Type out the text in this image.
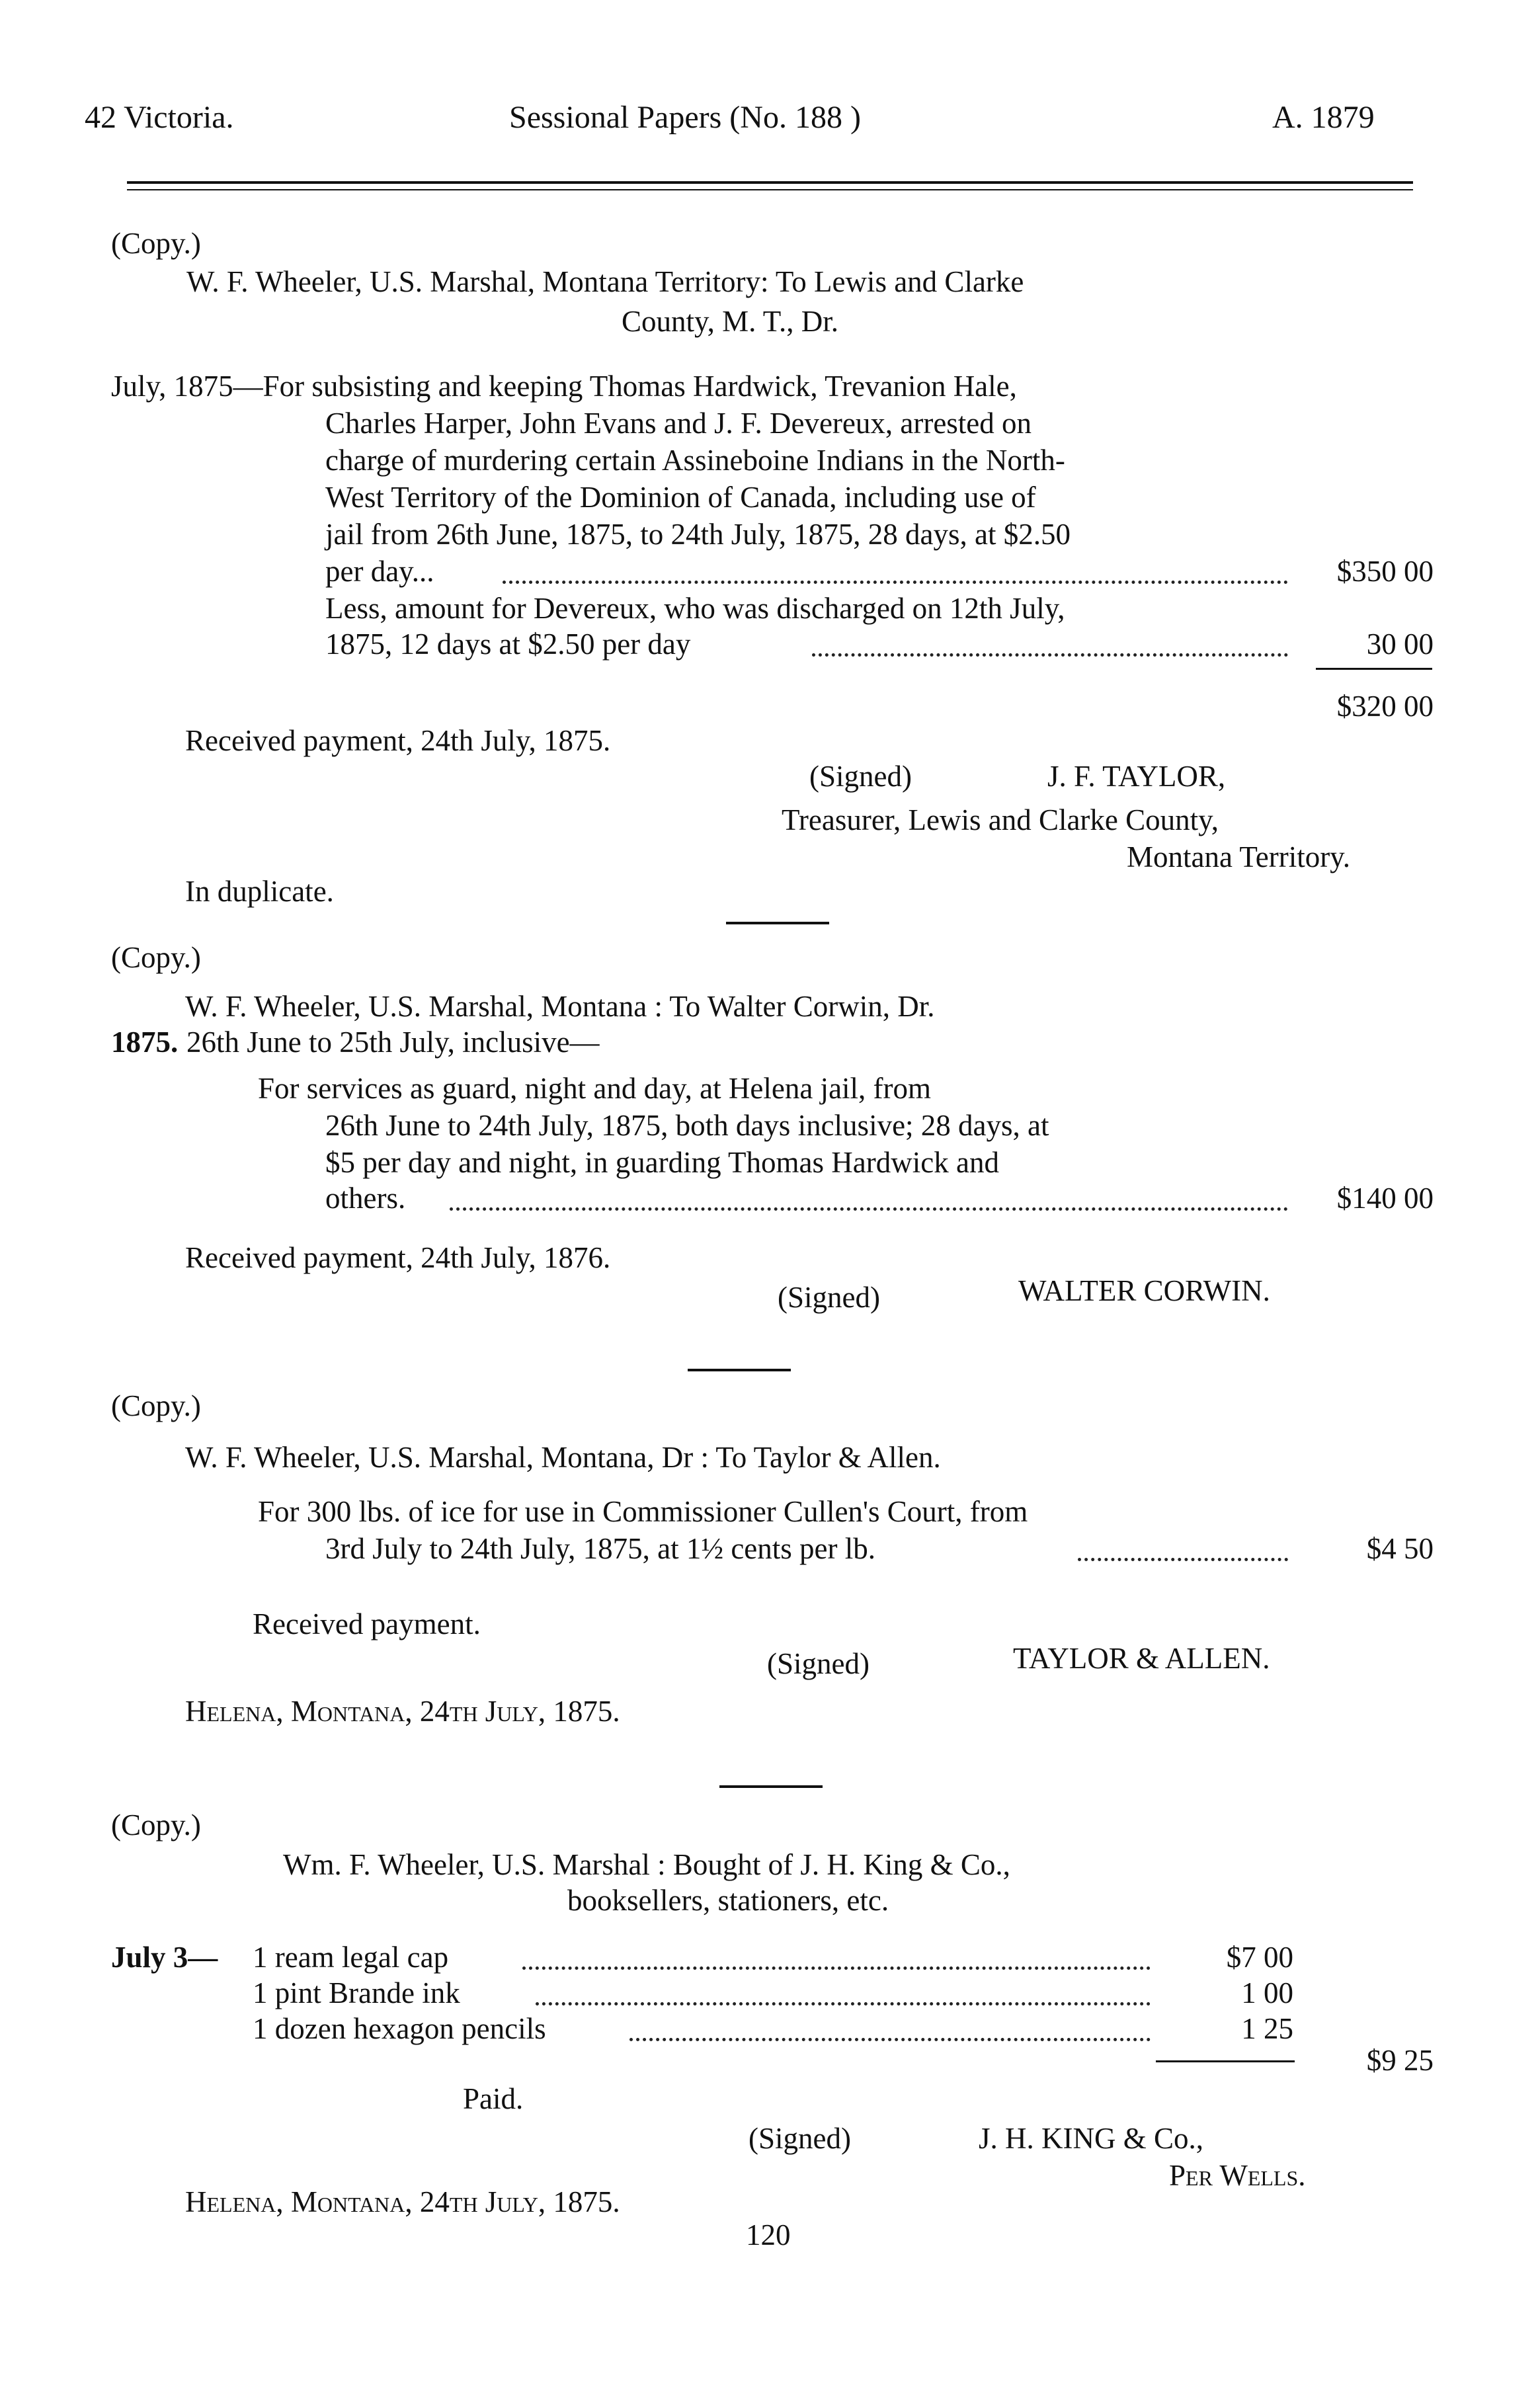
42 Victoria.	Sessional Papers (No. 188 )	A. 1879
(Copy.)
W. F. Wheeler, U.S. Marshal, Montana Territory: To Lewis and Clarke
County, M. T., Dr.
July, 1875—For subsisting and keeping Thomas Hardwick, Trevanion Hale,
Charles Harper, John Evans and J. F. Devereux, arrested on
charge of murdering certain Assineboine Indians in the North-
West Territory of the Dominion of Canada, including use of
jail from 26th June, 1875, to 24th July, 1875, 28 days, at $2.50
per day...	$350 00
Less, amount for Devereux, who was discharged on 12th July,
1875, 12 days at $2.50 per day	30 00
$320 00
Received payment, 24th July, 1875.
(Signed)	J. F. TAYLOR,
Treasurer, Lewis and Clarke County,
Montana Territory.
In duplicate.
(Copy.)
W. F. Wheeler, U.S. Marshal, Montana : To Walter Corwin, Dr.
1875. 26th June to 25th July, inclusive—
For services as guard, night and day, at Helena jail, from
26th June to 24th July, 1875, both days inclusive; 28 days, at
$5 per day and night, in guarding Thomas Hardwick and
others.	$140 00
Received payment, 24th July, 1876.
(Signed)	WALTER CORWIN.
(Copy.)
W. F. Wheeler, U.S. Marshal, Montana, Dr : To Taylor & Allen.
For 300 lbs. of ice for use in Commissioner Cullen's Court, from
3rd July to 24th July, 1875, at 1½ cents per lb.	$4 50
Received payment.
(Signed)	TAYLOR & ALLEN.
Helena, Montana, 24th July, 1875.
(Copy.)
Wm. F. Wheeler, U.S. Marshal : Bought of J. H. King & Co.,
booksellers, stationers, etc.
July 3— 1 ream legal cap	$7 00
1 pint Brande ink	1 00
1 dozen hexagon pencils	1 25
$9 25
Paid.
(Signed)	J. H. KING & Co.,
Per Wells.
Helena, Montana, 24th July, 1875.
120
